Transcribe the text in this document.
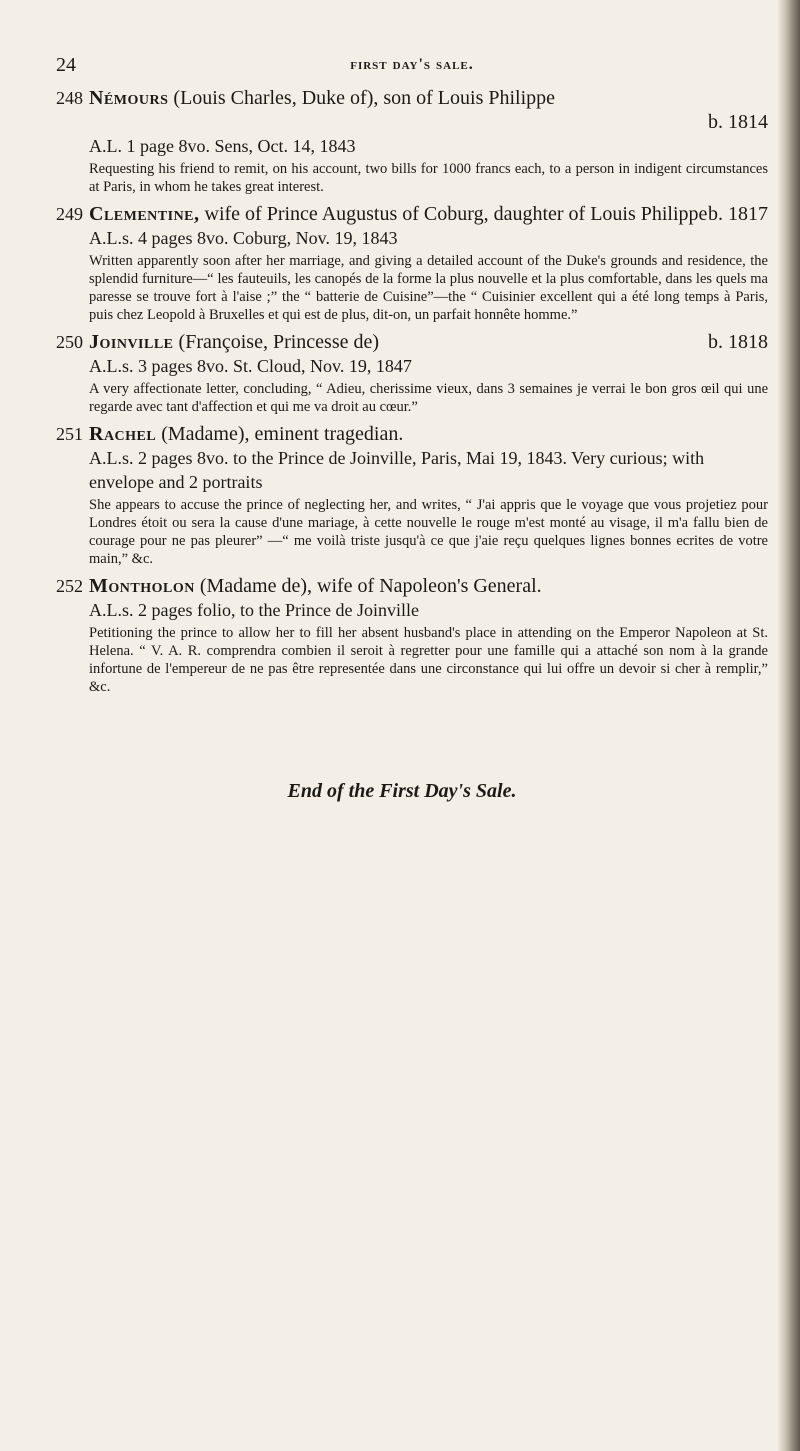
24	first day's sale.
248 Némours (Louis Charles, Duke of), son of Louis Philippe
b. 1814
A.L. 1 page 8vo. Sens, Oct. 14, 1843
Requesting his friend to remit, on his account, two bills for 1000 francs each, to a person in indigent circumstances at Paris, in whom he takes great interest.
249 Clementine, wife of Prince Augustus of Coburg, daughter of Louis Philippe b. 1817
A.L.s. 4 pages 8vo. Coburg, Nov. 19, 1843
Written apparently soon after her marriage, and giving a detailed account of the Duke's grounds and residence, the splendid furniture—“ les fauteuils, les canopés de la forme la plus nouvelle et la plus comfortable, dans les quels ma paresse se trouve fort à l'aise ;” the “ batterie de Cuisine”—the “ Cuisinier excellent qui a été long temps à Paris, puis chez Leopold à Bruxelles et qui est de plus, dit-on, un parfait honnête homme.”
250 Joinville (Françoise, Princesse de)	b. 1818
A.L.s. 3 pages 8vo. St. Cloud, Nov. 19, 1847
A very affectionate letter, concluding, “ Adieu, cherissime vieux, dans 3 semaines je verrai le bon gros œil qui une regarde avec tant d'affection et qui me va droit au cœur.”
251 Rachel (Madame), eminent tragedian.
A.L.s. 2 pages 8vo. to the Prince de Joinville, Paris, Mai 19, 1843. Very curious; with envelope and 2 portraits
She appears to accuse the prince of neglecting her, and writes, “ J'ai appris que le voyage que vous projetiez pour Londres étoit ou sera la cause d'une mariage, à cette nouvelle le rouge m'est monté au visage, il m'a fallu bien de courage pour ne pas pleurer” —“ me voilà triste jusqu'à ce que j'aie reçu quelques lignes bonnes ecrites de votre main,” &c.
252 Montholon (Madame de), wife of Napoleon's General.
A.L.s. 2 pages folio, to the Prince de Joinville
Petitioning the prince to allow her to fill her absent husband's place in attending on the Emperor Napoleon at St. Helena. “ V. A. R. comprendra combien il seroit à regretter pour une famille qui a attaché son nom à la grande infortune de l'empereur de ne pas être representée dans une circonstance qui lui offre un devoir si cher à remplir,” &c.
End of the First Day's Sale.
